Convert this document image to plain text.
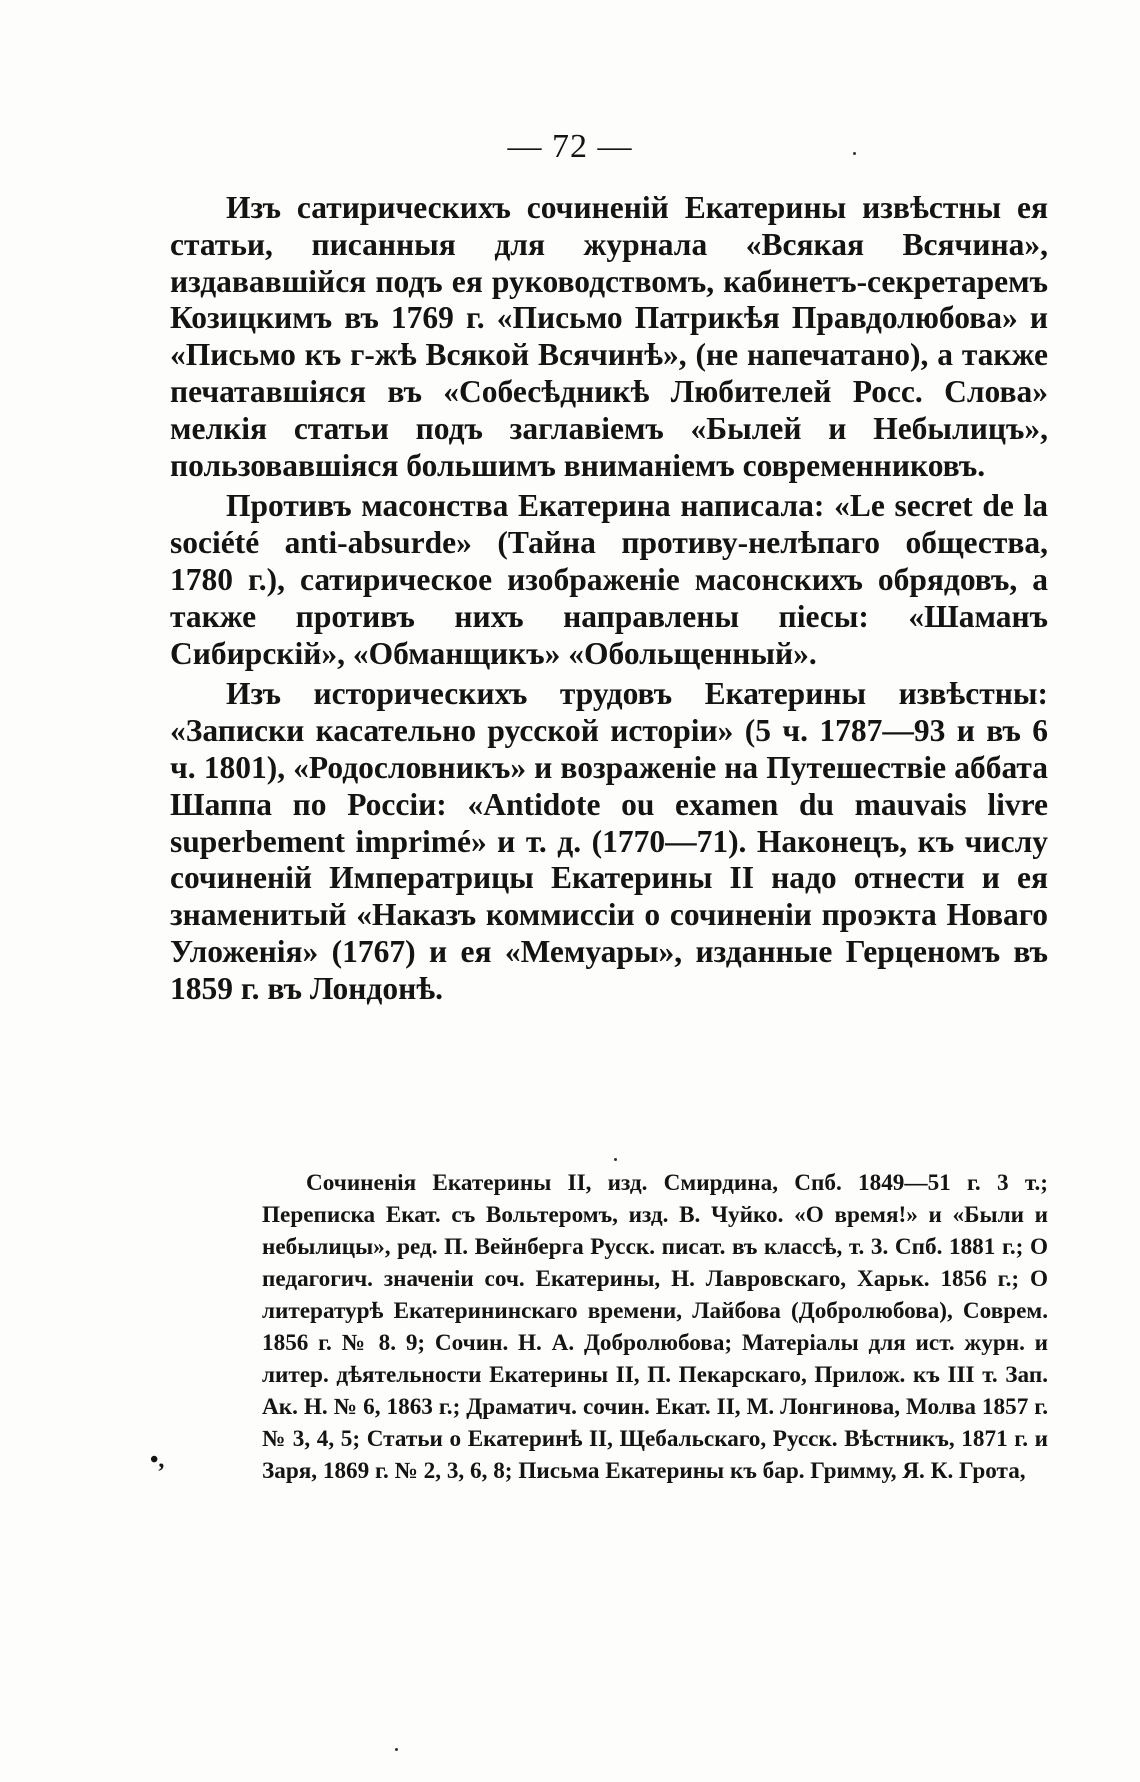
— 72 —

Изъ сатирическихъ сочиненій Екатерины извѣстны ея статьи, писанныя для журнала «Всякая Всячина», издававшійся подъ ея руководствомъ, кабинетъ-секретаремъ Козицкимъ въ 1769 г. «Письмо Патрикѣя Правдолюбова» и «Письмо къ г-жѣ Всякой Всячинѣ», (не напечатано), а также печатавшіяся въ «Собесѣдникѣ Любителей Росс. Слова» мелкія статьи подъ заглавіемъ «Былей и Небылицъ», пользовавшіяся большимъ вниманіемъ современниковъ.

Противъ масонства Екатерина написала: «Le secret de la société anti-absurde» (Тайна противу-нелѣпаго общества, 1780 г.), сатирическое изображеніе масонскихъ обрядовъ, а также противъ нихъ направлены піесы: «Шаманъ Сибирскій», «Обманщикъ» «Обольщенный».

Изъ историческихъ трудовъ Екатерины извѣстны: «Записки касательно русской исторіи» (5 ч. 1787—93 и въ 6 ч. 1801), «Родословникъ» и возраженіе на Путешествіе аббата Шаппа по Россіи: «Antidote ou examen du mauvais livre superbement imprimé» и т. д. (1770—71). Наконецъ, къ числу сочиненій Императрицы Екатерины II надо отнести и ея знаменитый «Наказъ коммиссіи о сочиненіи проэкта Новаго Уложенія» (1767) и ея «Мемуары», изданные Герценомъ въ 1859 г. въ Лондонѣ.

Сочиненія Екатерины II, изд. Смирдина, Спб. 1849—51 г. 3 т.; Переписка Екат. съ Вольтеромъ, изд. В. Чуйко. «О время!» и «Были и небылицы», ред. П. Вейнберга Русск. писат. въ классѣ, т. 3. Спб. 1881 г.; О педагогич. значеніи соч. Екатерины, Н. Лавровскаго, Харьк. 1856 г.; О литературѣ Екатерининскаго времени, Лайбова (Добролюбова), Соврем. 1856 г. № 8. 9; Сочин. Н. А. Добролюбова; Матеріалы для ист. журн. и литер. дѣятельности Екатерины II, П. Пекарскаго, Прилож. къ III т. Зап. Ак. Н. № 6, 1863 г.; Драматич. сочин. Екат. II, М. Лонгинова, Молва 1857 г. № 3, 4, 5; Статьи о Екатеринѣ II, Щебальскаго, Русск. Вѣстникъ, 1871 г. и Заря, 1869 г. № 2, 3, 6, 8; Письма Екатерины къ бар. Гримму, Я. К. Грота,

•,
